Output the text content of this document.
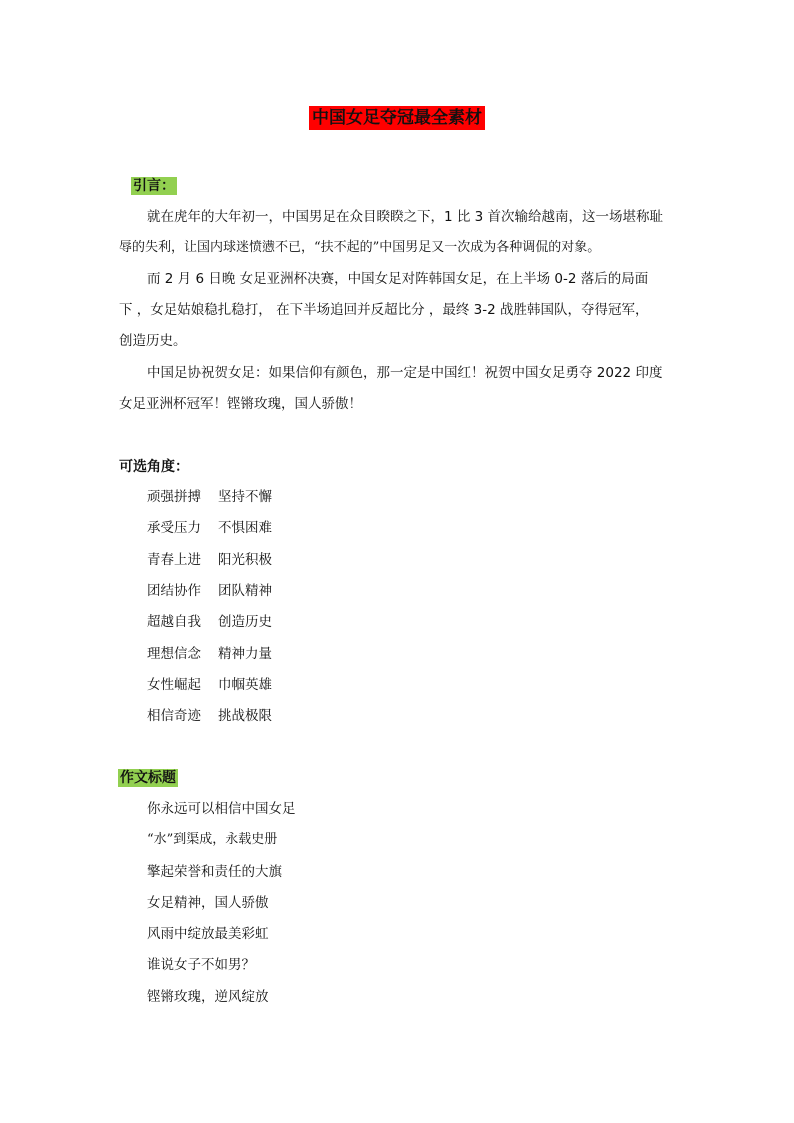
中国女足夺冠最全素材
引言：
就在虎年的大年初一，中国男足在众目睽睽之下，1 比 3 首次输给越南，这一场堪称耻
辱的失利，让国内球迷愤懑不已，“扶不起的”中国男足又一次成为各种调侃的对象。
而 2 月 6 日晚 女足亚洲杯决赛，中国女足对阵韩国女足，在上半场 0-2 落后的局面
下 ，女足姑娘稳扎稳打， 在下半场追回并反超比分 ，最终 3-2 战胜韩国队，夺得冠军，
创造历史。
中国足协祝贺女足：如果信仰有颜色，那一定是中国红！祝贺中国女足勇夺 2022 印度
女足亚洲杯冠军！铿锵玫瑰，国人骄傲！
可选角度：
顽强拼搏 坚持不懈
承受压力 不惧困难
青春上进 阳光积极
团结协作 团队精神
超越自我 创造历史
理想信念 精神力量
女性崛起 巾帼英雄
相信奇迹 挑战极限
作文标题
你永远可以相信中国女足
“水”到渠成，永载史册
擎起荣誉和责任的大旗
女足精神，国人骄傲
风雨中绽放最美彩虹
谁说女子不如男？
铿锵玫瑰，逆风绽放
